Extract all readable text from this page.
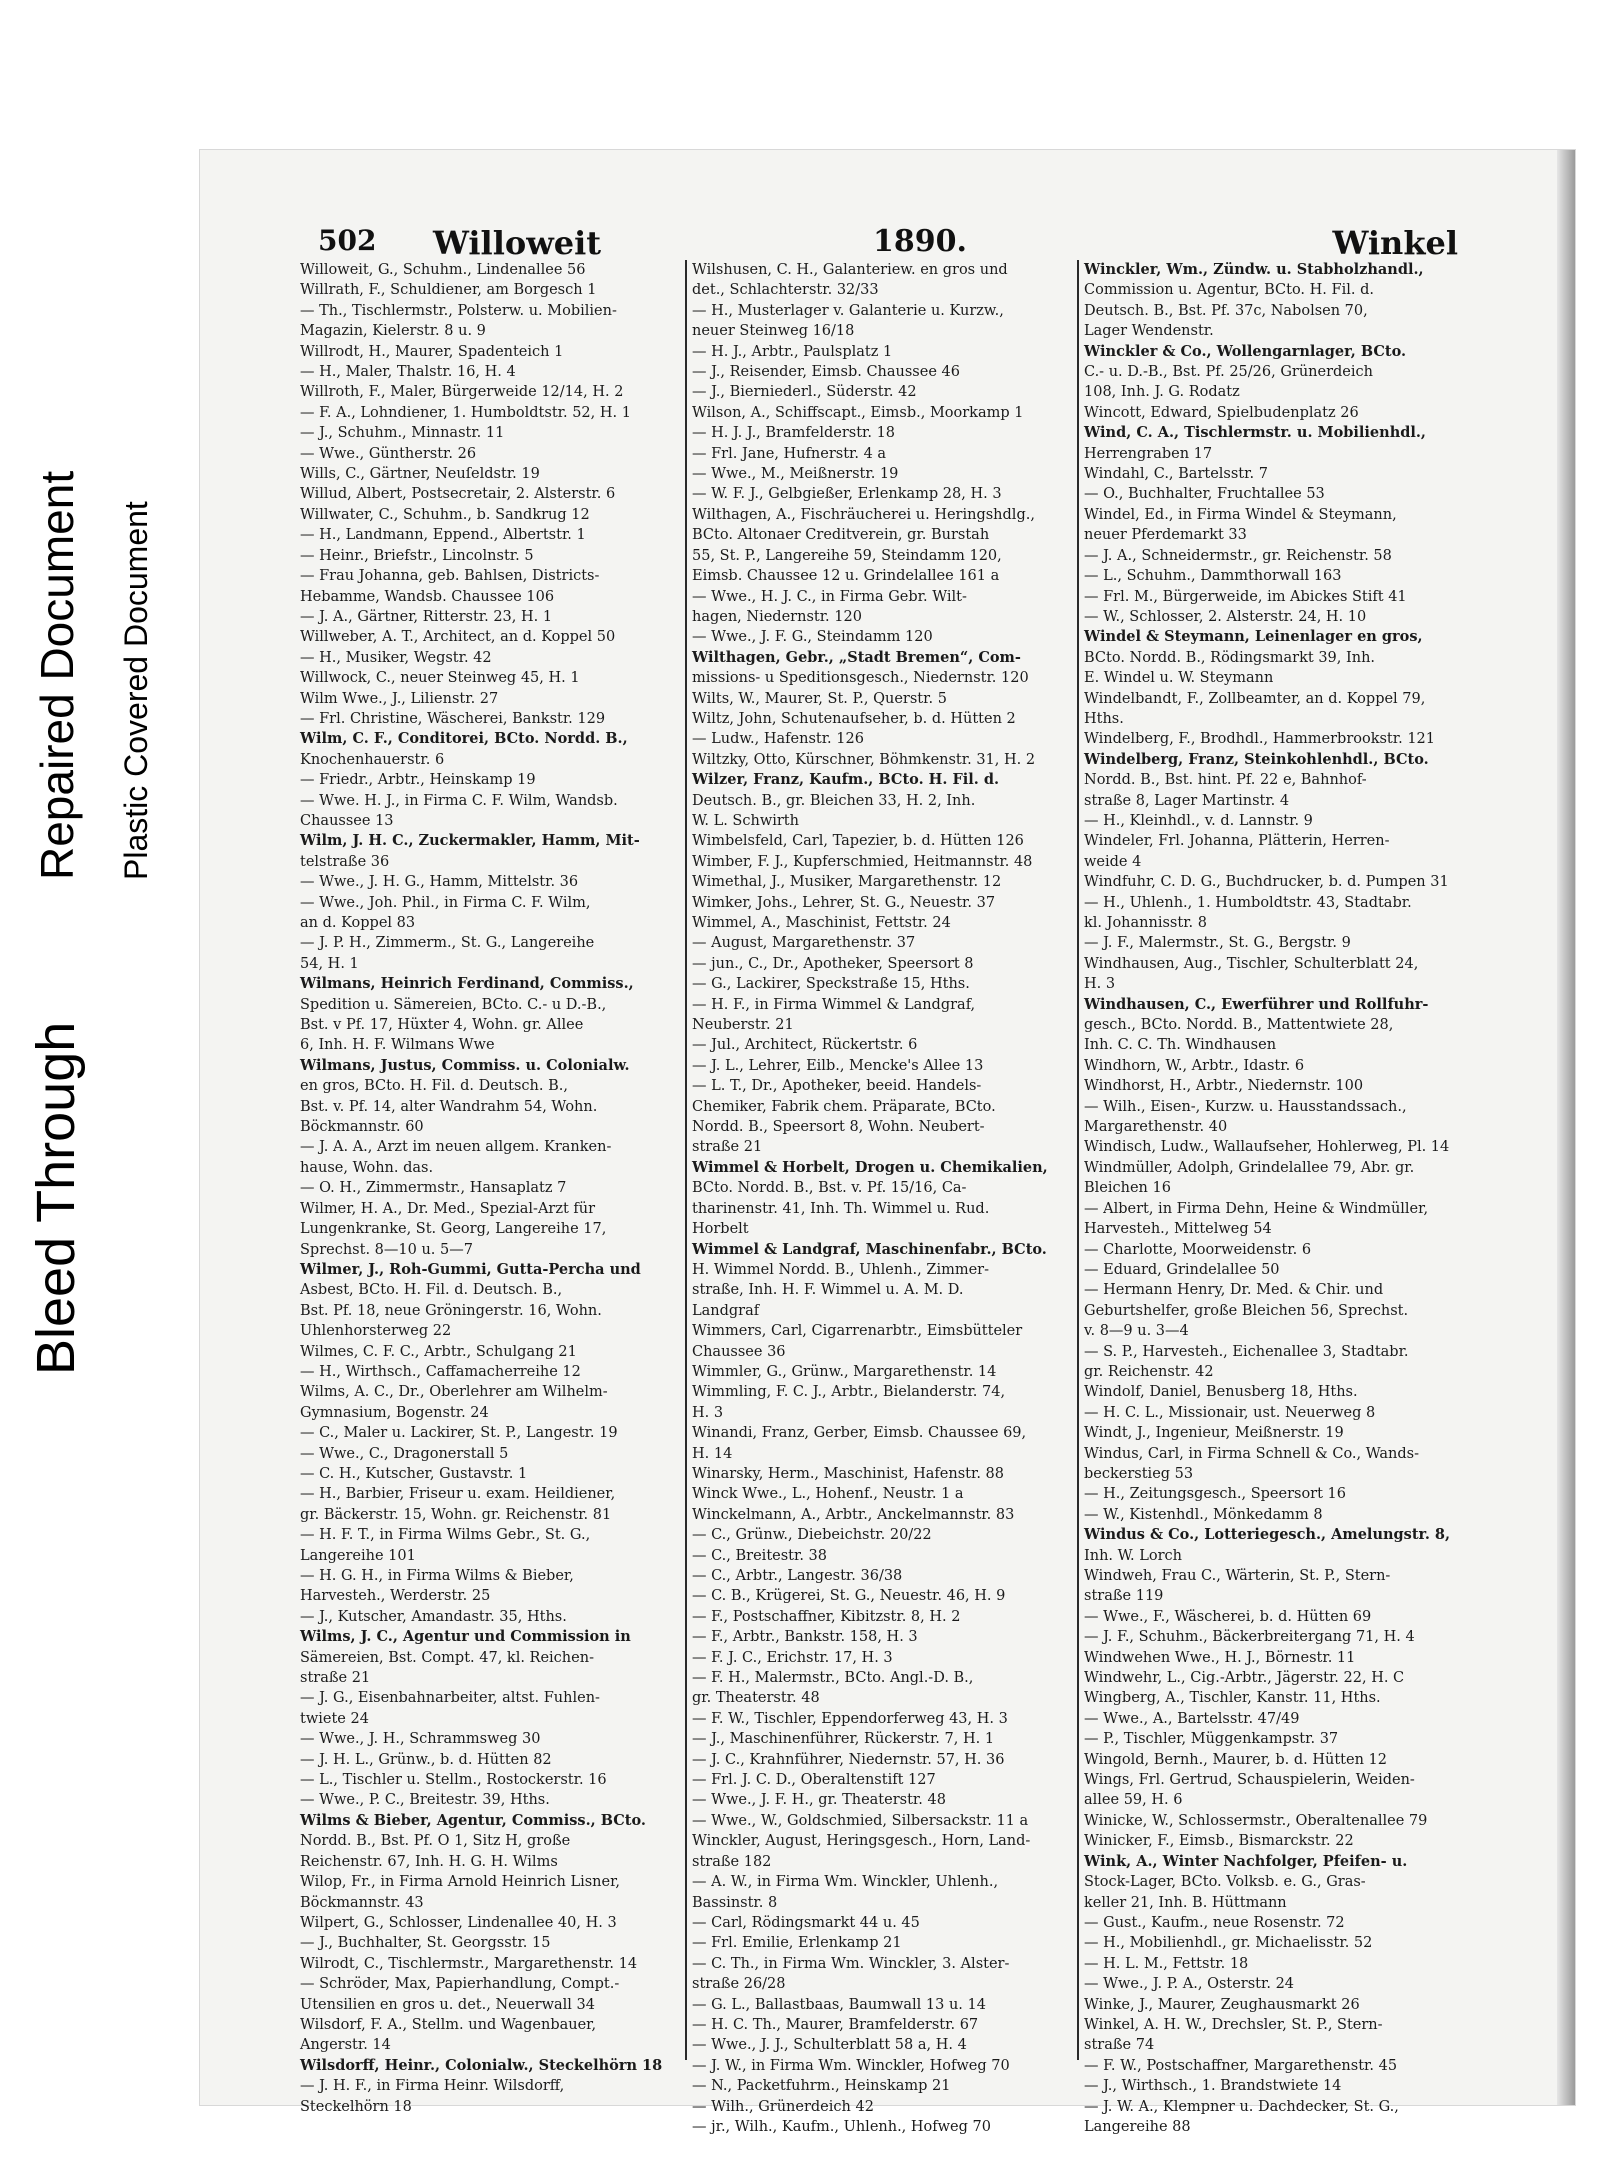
Bleed Through
Repaired Document Plastic Covered Document
502 Willoweit	1890.	Winkel

Willoweit, G., Schuhm., Lindenallee 56

Willrath, F., Schuldiener, am Borgesch 1

— Th., Tischlermstr., Polsterw. u. Mobilien-

Magazin, Kielerstr. 8 u. 9

Willrodt, H., Maurer, Spadenteich 1

— H., Maler, Thalstr. 16, H. 4

Willroth, F., Maler, Bürgerweide 12/14, H. 2

— F. A., Lohndiener, 1. Humboldtstr. 52, H. 1

— J., Schuhm., Minnastr. 11

— Wwe., Güntherstr. 26

Wills, C., Gärtner, Neuſeldstr. 19

Willud, Albert, Postsecretair, 2. Alsterstr. 6

Willwater, C., Schuhm., b. Sandkrug 12

— H., Landmann, Eppend., Albertstr. 1

— Heinr., Briefstr., Lincolnstr. 5

— Frau Johanna, geb. Bahlsen, Districts-

Hebamme, Wandsb. Chaussee 106

— J. A., Gärtner, Ritterstr. 23, H. 1

Willweber, A. T., Architect, an d. Koppel 50

— H., Musiker, Wegstr. 42

Willwock, C., neuer Steinweg 45, H. 1

Wilm Wwe., J., Lilienstr. 27

— Frl. Christine, Wäscherei, Bankstr. 129

Wilm, C. F., Conditorei, BCto. Nordd. B.,

Knochenhauerstr. 6

— Friedr., Arbtr., Heinskamp 19

— Wwe. H. J., in Firma C. F. Wilm, Wandsb.

Chaussee 13

Wilm, J. H. C., Zuckermakler, Hamm, Mit-

telstraße 36

— Wwe., J. H. G., Hamm, Mittelstr. 36

— Wwe., Joh. Phil., in Firma C. F. Wilm,

an d. Koppel 83

— J. P. H., Zimmerm., St. G., Langereihe

54, H. 1

Wilmans, Heinrich Ferdinand, Commiss.,

Spedition u. Sämereien, BCto. C.- u D.-B.,

Bst. v Pf. 17, Hüxter 4, Wohn. gr. Allee

6, Inh. H. F. Wilmans Wwe

Wilmans, Justus, Commiss. u. Colonialw.

en gros, BCto. H. Fil. d. Deutsch. B.,

Bst. v. Pf. 14, alter Wandrahm 54, Wohn.

Böckmannstr. 60

— J. A. A., Arzt im neuen allgem. Kranken-

hause, Wohn. das.

— O. H., Zimmermstr., Hansaplatz 7

Wilmer, H. A., Dr. Med., Spezial-Arzt für

Lungenkranke, St. Georg, Langereihe 17,

Sprechst. 8—10 u. 5—7

Wilmer, J., Roh-Gummi, Gutta-Percha und

Asbest, BCto. H. Fil. d. Deutsch. B.,

Bst. Pf. 18, neue Gröningerstr. 16, Wohn.

Uhlenhorsterweg 22

Wilmes, C. F. C., Arbtr., Schulgang 21

— H., Wirthsch., Caffamacherreihe 12

Wilms, A. C., Dr., Oberlehrer am Wilhelm-

Gymnasium, Bogenstr. 24

— C., Maler u. Lackirer, St. P., Langestr. 19

— Wwe., C., Dragonerstall 5

— C. H., Kutscher, Gustavstr. 1

— H., Barbier, Friseur u. exam. Heildiener,

gr. Bäckerstr. 15, Wohn. gr. Reichenstr. 81

— H. F. T., in Firma Wilms Gebr., St. G.,

Langereihe 101

— H. G. H., in Firma Wilms & Bieber,

Harvesteh., Werderstr. 25

— J., Kutscher, Amandastr. 35, Hths.

Wilms, J. C., Agentur und Commission in

Sämereien, Bst. Compt. 47, kl. Reichen-

straße 21

— J. G., Eisenbahnarbeiter, altst. Fuhlen-

twiete 24

— Wwe., J. H., Schrammsweg 30

— J. H. L., Grünw., b. d. Hütten 82

— L., Tischler u. Stellm., Rostockerstr. 16

— Wwe., P. C., Breitestr. 39, Hths.

Wilms & Bieber, Agentur, Commiss., BCto.

Nordd. B., Bst. Pf. O 1, Sitz H, große

Reichenstr. 67, Inh. H. G. H. Wilms

Wilop, Fr., in Firma Arnold Heinrich Lisner,

Böckmannstr. 43

Wilpert, G., Schlosser, Lindenallee 40, H. 3

— J., Buchhalter, St. Georgsstr. 15

Wilrodt, C., Tischlermstr., Margarethenstr. 14

— Schröder, Max, Papierhandlung, Compt.-

Utensilien en gros u. det., Neuerwall 34

Wilsdorf, F. A., Stellm. und Wagenbauer,

Angerstr. 14

Wilsdorff, Heinr., Colonialw., Steckelhörn 18

— J. H. F., in Firma Heinr. Wilsdorff,

Steckelhörn 18

Wilshusen, C. H., Galanteriew. en gros und

det., Schlachterstr. 32/33

— H., Musterlager v. Galanterie u. Kurzw.,

neuer Steinweg 16/18

— H. J., Arbtr., Paulsplatz 1

— J., Reisender, Eimsb. Chaussee 46

— J., Bierniederl., Süderstr. 42

Wilson, A., Schiffscapt., Eimsb., Moorkamp 1

— H. J. J., Bramfelderstr. 18

— Frl. Jane, Hufnerstr. 4 a

— Wwe., M., Meißnerstr. 19

— W. F. J., Gelbgießer, Erlenkamp 28, H. 3

Wilthagen, A., Fischräucherei u. Heringshdlg.,

BCto. Altonaer Creditverein, gr. Burstah

55, St. P., Langereihe 59, Steindamm 120,

Eimsb. Chaussee 12 u. Grindelallee 161 a

— Wwe., H. J. C., in Firma Gebr. Wilt-

hagen, Niedernstr. 120

— Wwe., J. F. G., Steindamm 120

Wilthagen, Gebr., „Stadt Bremen“, Com-

missions- u Speditionsgesch., Niedernstr. 120

Wilts, W., Maurer, St. P., Querstr. 5

Wiltz, John, Schutenaufseher, b. d. Hütten 2

— Ludw., Hafenstr. 126

Wiltzky, Otto, Kürschner, Böhmkenstr. 31, H. 2

Wilzer, Franz, Kaufm., BCto. H. Fil. d.

Deutsch. B., gr. Bleichen 33, H. 2, Inh.

W. L. Schwirth

Wimbelsfeld, Carl, Tapezier, b. d. Hütten 126

Wimber, F. J., Kupferschmied, Heitmannstr. 48

Wimethal, J., Musiker, Margarethenstr. 12

Wimker, Johs., Lehrer, St. G., Neuestr. 37

Wimmel, A., Maschinist, Fettstr. 24

— August, Margarethenstr. 37

— jun., C., Dr., Apotheker, Speersort 8

— G., Lackirer, Speckstraße 15, Hths.

— H. F., in Firma Wimmel & Landgraf,

Neuberstr. 21

— Jul., Architect, Rückertstr. 6

— J. L., Lehrer, Eilb., Mencke's Allee 13

— L. T., Dr., Apotheker, beeid. Handels-

Chemiker, Fabrik chem. Präparate, BCto.

Nordd. B., Speersort 8, Wohn. Neubert-

straße 21

Wimmel & Horbelt, Drogen u. Chemikalien,

BCto. Nordd. B., Bst. v. Pf. 15/16, Ca-

tharinenstr. 41, Inh. Th. Wimmel u. Rud.

Horbelt

Wimmel & Landgraf, Maschinenfabr., BCto.

H. Wimmel Nordd. B., Uhlenh., Zimmer-

straße, Inh. H. F. Wimmel u. A. M. D.

Landgraf

Wimmers, Carl, Cigarrenarbtr., Eimsbütteler

Chaussee 36

Wimmler, G., Grünw., Margarethenstr. 14

Wimmling, F. C. J., Arbtr., Bielanderstr. 74,

H. 3

Winandi, Franz, Gerber, Eimsb. Chaussee 69,

H. 14

Winarsky, Herm., Maschinist, Hafenstr. 88

Winck Wwe., L., Hohenf., Neustr. 1 a

Winckelmann, A., Arbtr., Anckelmannstr. 83

— C., Grünw., Diebeichstr. 20/22

— C., Breitestr. 38

— C., Arbtr., Langestr. 36/38

— C. B., Krügerei, St. G., Neuestr. 46, H. 9

— F., Postschaffner, Kibitzstr. 8, H. 2

— F., Arbtr., Bankstr. 158, H. 3

— F. J. C., Erichstr. 17, H. 3

— F. H., Malermstr., BCto. Angl.-D. B.,

gr. Theaterstr. 48

— F. W., Tischler, Eppendorferweg 43, H. 3

— J., Maschinenführer, Rückerstr. 7, H. 1

— J. C., Krahnführer, Niedernstr. 57, H. 36

— Frl. J. C. D., Oberaltenstift 127

— Wwe., J. F. H., gr. Theaterstr. 48

— Wwe., W., Goldschmied, Silbersackstr. 11 a

Winckler, August, Heringsgesch., Horn, Land-

straße 182

— A. W., in Firma Wm. Winckler, Uhlenh.,

Bassinstr. 8

— Carl, Rödingsmarkt 44 u. 45

— Frl. Emilie, Erlenkamp 21

— C. Th., in Firma Wm. Winckler, 3. Alster-

straße 26/28

— G. L., Ballastbaas, Baumwall 13 u. 14

— H. C. Th., Maurer, Bramfelderstr. 67

— Wwe., J. J., Schulterblatt 58 a, H. 4

— J. W., in Firma Wm. Winckler, Hofweg 70

— N., Packetfuhrm., Heinskamp 21

— Wilh., Grünerdeich 42

— jr., Wilh., Kaufm., Uhlenh., Hofweg 70

Winckler, Wm., Zündw. u. Stabholzhandl.,

Commission u. Agentur, BCto. H. Fil. d.

Deutsch. B., Bst. Pf. 37c, Nabolsen 70,

Lager Wendenstr.

Winckler & Co., Wollengarnlager, BCto.

C.- u. D.-B., Bst. Pf. 25/26, Grünerdeich

108, Inh. J. G. Rodatz

Wincott, Edward, Spielbudenplatz 26

Wind, C. A., Tischlermstr. u. Mobilienhdl.,

Herrengraben 17

Windahl, C., Bartelsstr. 7

— O., Buchhalter, Fruchtallee 53

Windel, Ed., in Firma Windel & Steymann,

neuer Pferdemarkt 33

— J. A., Schneidermstr., gr. Reichenstr. 58

— L., Schuhm., Dammthorwall 163

— Frl. M., Bürgerweide, im Abickes Stift 41

— W., Schlosser, 2. Alsterstr. 24, H. 10

Windel & Steymann, Leinenlager en gros,

BCto. Nordd. B., Rödingsmarkt 39, Inh.

E. Windel u. W. Steymann

Windelbandt, F., Zollbeamter, an d. Koppel 79,

Hths.

Windelberg, F., Brodhdl., Hammerbrookstr. 121

Windelberg, Franz, Steinkohlenhdl., BCto.

Nordd. B., Bst. hint. Pf. 22 e, Bahnhof-

straße 8, Lager Martinstr. 4

— H., Kleinhdl., v. d. Lannstr. 9

Windeler, Frl. Johanna, Plätterin, Herren-

weide 4

Windfuhr, C. D. G., Buchdrucker, b. d. Pumpen 31

— H., Uhlenh., 1. Humboldtstr. 43, Stadtabr.

kl. Johannisstr. 8

— J. F., Malermstr., St. G., Bergstr. 9

Windhausen, Aug., Tischler, Schulterblatt 24,

H. 3

Windhausen, C., Ewerführer und Rollfuhr-

gesch., BCto. Nordd. B., Mattentwiete 28,

Inh. C. C. Th. Windhausen

Windhorn, W., Arbtr., Idastr. 6

Windhorst, H., Arbtr., Niedernstr. 100

— Wilh., Eisen-, Kurzw. u. Hausstandssach.,

Margarethenstr. 40

Windisch, Ludw., Wallaufseher, Hohlerweg, Pl. 14

Windmüller, Adolph, Grindelallee 79, Abr. gr.

Bleichen 16

— Albert, in Firma Dehn, Heine & Windmüller,

Harvesteh., Mittelweg 54

— Charlotte, Moorweidenstr. 6

— Eduard, Grindelallee 50

— Hermann Henry, Dr. Med. & Chir. und

Geburtshelfer, große Bleichen 56, Sprechst.

v. 8—9 u. 3—4

— S. P., Harvesteh., Eichenallee 3, Stadtabr.

gr. Reichenstr. 42

Windolf, Daniel, Benusberg 18, Hths.

— H. C. L., Missionair, ust. Neuerweg 8

Windt, J., Ingenieur, Meißnerstr. 19

Windus, Carl, in Firma Schnell & Co., Wands-

beckerstieg 53

— H., Zeitungsgesch., Speersort 16

— W., Kistenhdl., Mönkedamm 8

Windus & Co., Lotteriegesch., Amelungstr. 8,

Inh. W. Lorch

Windweh, Frau C., Wärterin, St. P., Stern-

straße 119

— Wwe., F., Wäscherei, b. d. Hütten 69

— J. F., Schuhm., Bäckerbreitergang 71, H. 4

Windwehen Wwe., H. J., Börnestr. 11

Windwehr, L., Cig.-Arbtr., Jägerstr. 22, H. C

Wingberg, A., Tischler, Kanstr. 11, Hths.

— Wwe., A., Bartelsstr. 47/49

— P., Tischler, Müggenkampstr. 37

Wingold, Bernh., Maurer, b. d. Hütten 12

Wings, Frl. Gertrud, Schauspielerin, Weiden-

allee 59, H. 6

Winicke, W., Schlossermstr., Oberaltenallee 79

Winicker, F., Eimsb., Bismarckstr. 22

Wink, A., Winter Nachfolger, Pfeifen- u.

Stock-Lager, BCto. Volksb. e. G., Gras-

keller 21, Inh. B. Hüttmann

— Gust., Kaufm., neue Rosenstr. 72

— H., Mobilienhdl., gr. Michaelisstr. 52

— H. L. M., Fettstr. 18

— Wwe., J. P. A., Osterstr. 24

Winke, J., Maurer, Zeughausmarkt 26

Winkel, A. H. W., Drechsler, St. P., Stern-

straße 74

— F. W., Postschaffner, Margarethenstr. 45

— J., Wirthsch., 1. Brandstwiete 14

— J. W. A., Klempner u. Dachdecker, St. G.,

Langereihe 88
